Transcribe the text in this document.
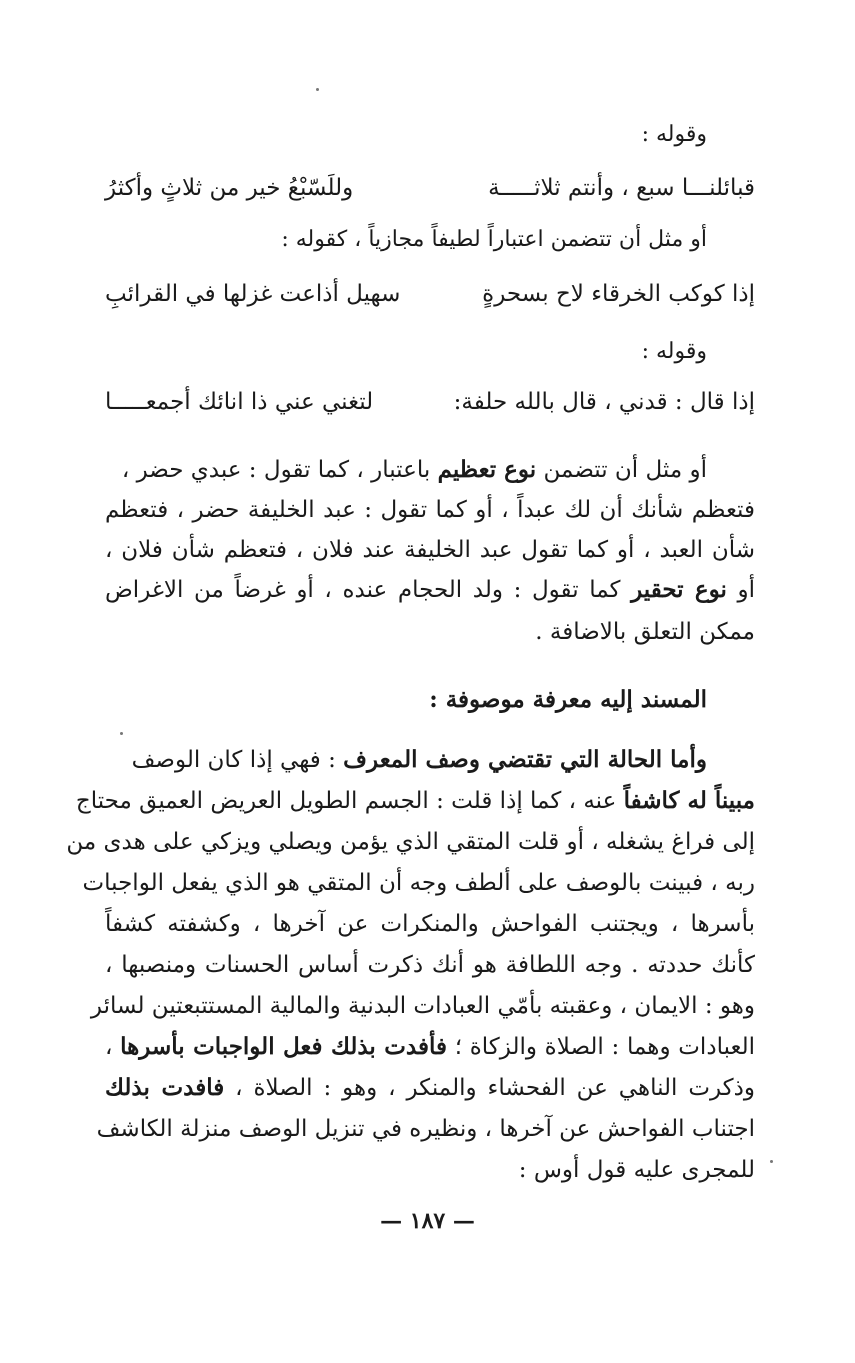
وقوله :
قبائلنـــا سبع ، وأنتم ثلاثـــــة
وللَسّبْعُ خير من ثلاثٍ وأكثرُ
أو مثل أن تتضمن اعتباراً لطيفاً مجازياً ، كقوله :
إذا كوكب الخرقاء لاح بسحرةٍ
سهيل أذاعت غزلها في القرائبِ
وقوله :
إذا قال : قدني ، قال بالله حلفة:
لتغني عني ذا انائك أجمعـــــا
أو مثل أن تتضمن نوع تعظيم باعتبار ، كما تقول : عبدي حضر ،
فتعظم شأنك أن لك عبداً ، أو كما تقول : عبد الخليفة حضر ، فتعظم
شأن العبد ، أو كما تقول عبد الخليفة عند فلان ، فتعظم شأن فلان ،
أو نوع تحقير كما تقول : ولد الحجام عنده ، أو غرضاً من الاغراض
ممكن التعلق بالاضافة .
المسند إليه معرفة موصوفة :
وأما الحالة التي تقتضي وصف المعرف : فهي إذا كان الوصف
مبيناً له كاشفاً عنه ، كما إذا قلت : الجسم الطويل العريض العميق محتاج
إلى فراغ يشغله ، أو قلت المتقي الذي يؤمن ويصلي ويزكي على هدى من
ربه ، فبينت بالوصف على ألطف وجه أن المتقي هو الذي يفعل الواجبات
بأسرها ، ويجتنب الفواحش والمنكرات عن آخرها ، وكشفته كشفاً
كأنك حددته . وجه اللطافة هو أنك ذكرت أساس الحسنات ومنصبها ،
وهو : الايمان ، وعقبته بأمّي العبادات البدنية والمالية المستتبعتين لسائر
العبادات وهما : الصلاة والزكاة ؛ فأفدت بذلك فعل الواجبات بأسرها ،
وذكرت الناهي عن الفحشاء والمنكر ، وهو : الصلاة ، فافدت بذلك
اجتناب الفواحش عن آخرها ، ونظيره في تنزيل الوصف منزلة الكاشف
للمجرى عليه قول أوس :
— ١٨٧ —
